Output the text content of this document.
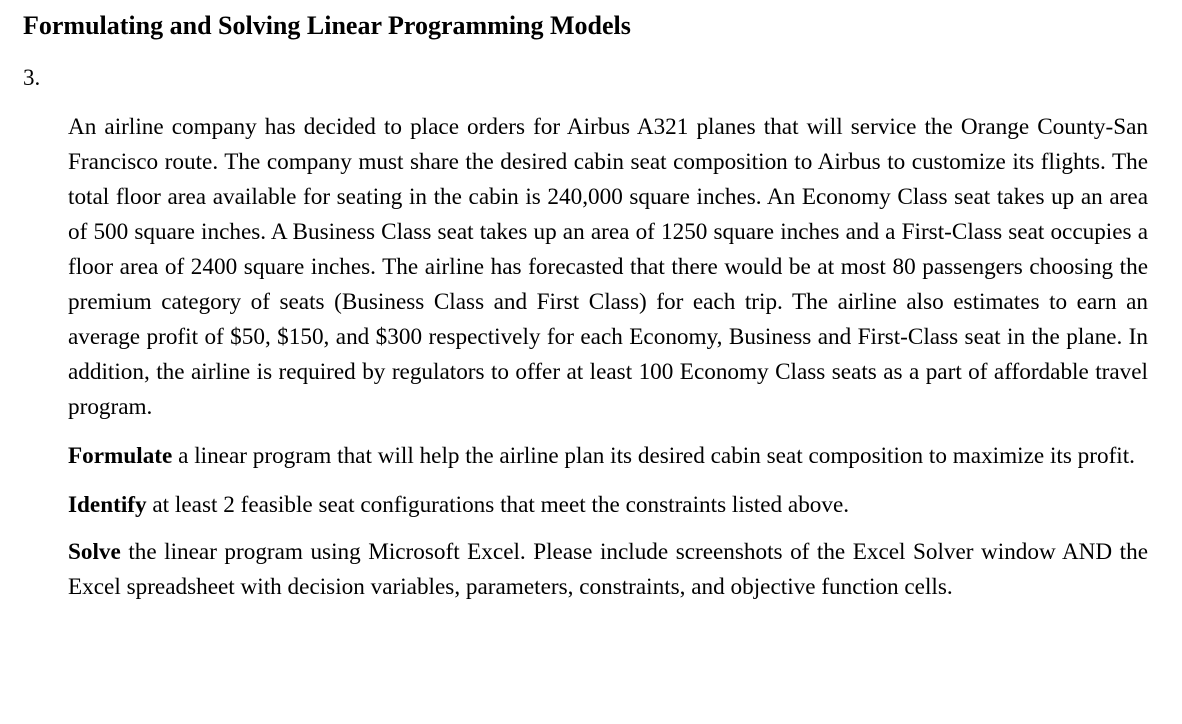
Formulating and Solving Linear Programming Models
3.

An airline company has decided to place orders for Airbus A321 planes that will service the Orange County-San Francisco route. The company must share the desired cabin seat composition to Airbus to customize its flights. The total floor area available for seating in the cabin is 240,000 square inches. An Economy Class seat takes up an area of 500 square inches. A Business Class seat takes up an area of 1250 square inches and a First-Class seat occupies a floor area of 2400 square inches. The airline has forecasted that there would be at most 80 passengers choosing the premium category of seats (Business Class and First Class) for each trip. The airline also estimates to earn an average profit of $50, $150, and $300 respectively for each Economy, Business and First-Class seat in the plane. In addition, the airline is required by regulators to offer at least 100 Economy Class seats as a part of affordable travel program.

Formulate a linear program that will help the airline plan its desired cabin seat composition to maximize its profit.

Identify at least 2 feasible seat configurations that meet the constraints listed above.

Solve the linear program using Microsoft Excel. Please include screenshots of the Excel Solver window AND the Excel spreadsheet with decision variables, parameters, constraints, and objective function cells.
